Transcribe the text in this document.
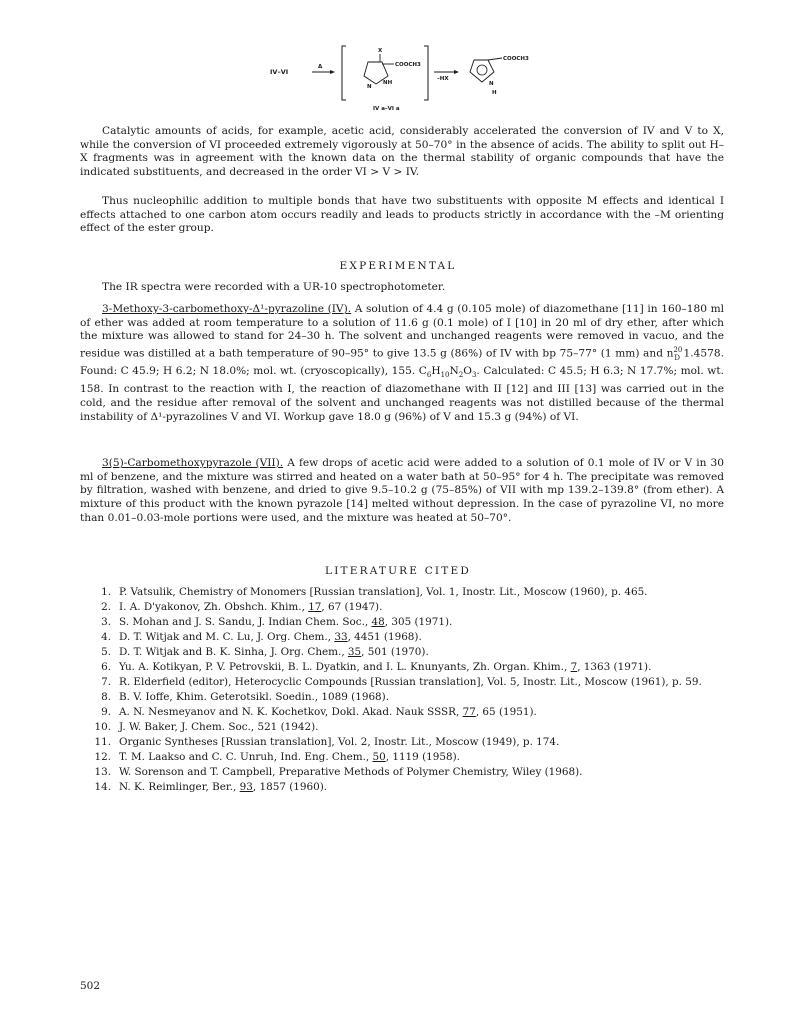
IV–VI
Δ
X
COOCH3
NH
N
IV a–VI a
–HX
COOCH3
N
H

Catalytic amounts of acids, for example, acetic acid, considerably accelerated the conversion of IV and V to X, while the conversion of VI proceeded extremely vigorously at 50–70° in the absence of acids. The ability to split out H–X fragments was in agreement with the known data on the thermal stability of organic compounds that have the indicated substituents, and decreased in the order VI > V > IV.

Thus nucleophilic addition to multiple bonds that have two substituents with opposite M effects and identical I effects attached to one carbon atom occurs readily and leads to products strictly in accordance with the –M orienting effect of the ester group.

EXPERIMENTAL

The IR spectra were recorded with a UR-10 spectrophotometer.

3-Methoxy-3-carbomethoxy-Δ¹-pyrazoline (IV). A solution of 4.4 g (0.105 mole) of diazomethane [11] in 160–180 ml of ether was added at room temperature to a solution of 11.6 g (0.1 mole) of I [10] in 20 ml of dry ether, after which the mixture was allowed to stand for 24–30 h. The solvent and unchanged reagents were removed in vacuo, and the residue was distilled at a bath temperature of 90–95° to give 13.5 g (86%) of IV with bp 75–77° (1 mm) and $n^{20}_D$ 1.4578. Found: C 45.9; H 6.2; N 18.0%; mol. wt. (cryoscopically), 155. $C_6H_{10}N_2O_3$. Calculated: C 45.5; H 6.3; N 17.7%; mol. wt. 158. In contrast to the reaction with I, the reaction of diazomethane with II [12] and III [13] was carried out in the cold, and the residue after removal of the solvent and unchanged reagents was not distilled because of the thermal instability of Δ¹-pyrazolines V and VI. Workup gave 18.0 g (96%) of V and 15.3 g (94%) of VI.

3(5)-Carbomethoxypyrazole (VII). A few drops of acetic acid were added to a solution of 0.1 mole of IV or V in 30 ml of benzene, and the mixture was stirred and heated on a water bath at 50–95° for 4 h. The precipitate was removed by filtration, washed with benzene, and dried to give 9.5–10.2 g (75–85%) of VII with mp 139.2–139.8° (from ether). A mixture of this product with the known pyrazole [14] melted without depression. In the case of pyrazoline VI, no more than 0.01–0.03-mole portions were used, and the mixture was heated at 50–70°.

LITERATURE CITED
1. P. Vatsulik, Chemistry of Monomers [Russian translation], Vol. 1, Inostr. Lit., Moscow (1960), p. 465.
2. I. A. D'yakonov, Zh. Obshch. Khim., 17, 67 (1947).
3. S. Mohan and J. S. Sandu, J. Indian Chem. Soc., 48, 305 (1971).
4. D. T. Witjak and M. C. Lu, J. Org. Chem., 33, 4451 (1968).
5. D. T. Witjak and B. K. Sinha, J. Org. Chem., 35, 501 (1970).
6. Yu. A. Kotikyan, P. V. Petrovskii, B. L. Dyatkin, and I. L. Knunyants, Zh. Organ. Khim., 7, 1363 (1971).
7. R. Elderfield (editor), Heterocyclic Compounds [Russian translation], Vol. 5, Inostr. Lit., Moscow (1961), p. 59.
8. B. V. Ioffe, Khim. Geterotsikl. Soedin., 1089 (1968).
9. A. N. Nesmeyanov and N. K. Kochetkov, Dokl. Akad. Nauk SSSR, 77, 65 (1951).
10. J. W. Baker, J. Chem. Soc., 521 (1942).
11. Organic Syntheses [Russian translation], Vol. 2, Inostr. Lit., Moscow (1949), p. 174.
12. T. M. Laakso and C. C. Unruh, Ind. Eng. Chem., 50, 1119 (1958).
13. W. Sorenson and T. Campbell, Preparative Methods of Polymer Chemistry, Wiley (1968).
14. N. K. Reimlinger, Ber., 93, 1857 (1960).
502
